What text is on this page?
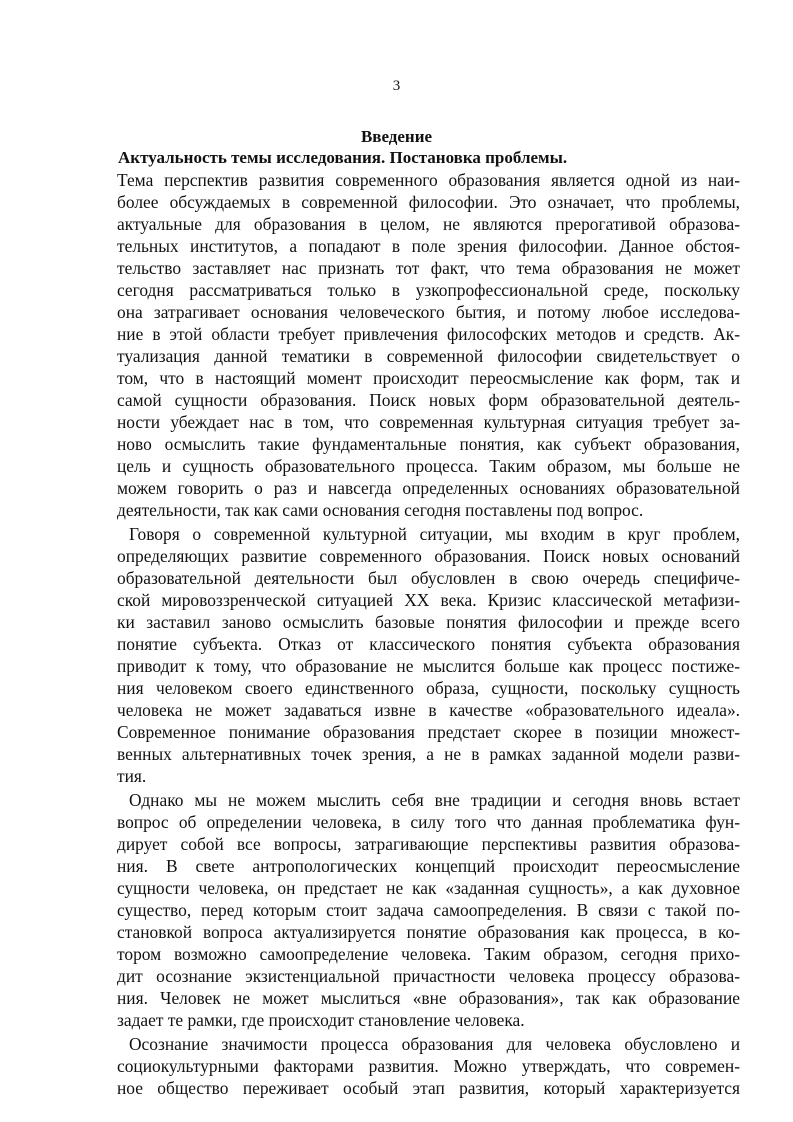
3
Введение
Актуальность темы исследования. Постановка проблемы.
Тема перспектив развития современного образования является одной из наи-
более обсуждаемых в современной философии. Это означает, что проблемы,
актуальные для образования в целом, не являются прерогативой образова-
тельных институтов, а попадают в поле зрения философии. Данное обстоя-
тельство заставляет нас признать тот факт, что тема образования не может
сегодня рассматриваться только в узкопрофессиональной среде, поскольку
она затрагивает основания человеческого бытия, и потому любое исследова-
ние в этой области требует привлечения философских методов и средств. Ак-
туализация данной тематики в современной философии свидетельствует о
том, что в настоящий момент происходит переосмысление как форм, так и
самой сущности образования. Поиск новых форм образовательной деятель-
ности убеждает нас в том, что современная культурная ситуация требует за-
ново осмыслить такие фундаментальные понятия, как субъект образования,
цель и сущность образовательного процесса. Таким образом, мы больше не
можем говорить о раз и навсегда определенных основаниях образовательной
деятельности, так как сами основания сегодня поставлены под вопрос.
Говоря о современной культурной ситуации, мы входим в круг проблем,
определяющих развитие современного образования. Поиск новых оснований
образовательной деятельности был обусловлен в свою очередь специфиче-
ской мировоззренческой ситуацией XX века. Кризис классической метафизи-
ки заставил заново осмыслить базовые понятия философии и прежде всего
понятие субъекта. Отказ от классического понятия субъекта образования
приводит к тому, что образование не мыслится больше как процесс постиже-
ния человеком своего единственного образа, сущности, поскольку сущность
человека не может задаваться извне в качестве «образовательного идеала».
Современное понимание образования предстает скорее в позиции множест-
венных альтернативных точек зрения, а не в рамках заданной модели разви-
тия.
Однако мы не можем мыслить себя вне традиции и сегодня вновь встает
вопрос об определении человека, в силу того что данная проблематика фун-
дирует собой все вопросы, затрагивающие перспективы развития образова-
ния. В свете антропологических концепций происходит переосмысление
сущности человека, он предстает не как «заданная сущность», а как духовное
существо, перед которым стоит задача самоопределения. В связи с такой по-
становкой вопроса актуализируется понятие образования как процесса, в ко-
тором возможно самоопределение человека. Таким образом, сегодня прихо-
дит осознание экзистенциальной причастности человека процессу образова-
ния. Человек не может мыслиться «вне образования», так как образование
задает те рамки, где происходит становление человека.
Осознание значимости процесса образования для человека обусловлено и
социокультурными факторами развития. Можно утверждать, что современ-
ное общество переживает особый этап развития, который характеризуется
